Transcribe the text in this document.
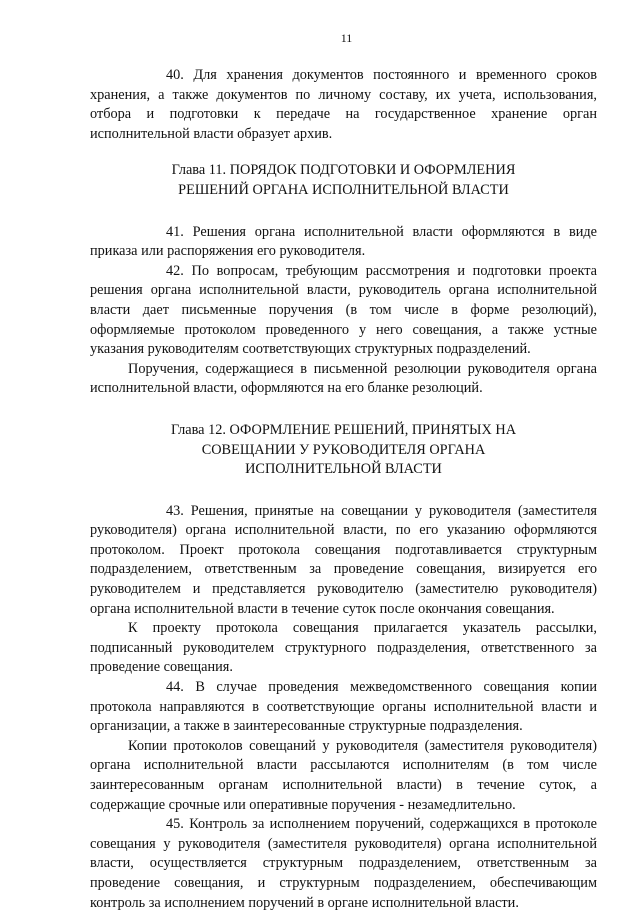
11

40. Для хранения документов постоянного и временного сроков хранения, а также документов по личному составу, их учета, использования, отбора и подготовки к передаче на государственное хранение орган исполнительной власти образует архив.

Глава 11. ПОРЯДОК ПОДГОТОВКИ И ОФОРМЛЕНИЯ
РЕШЕНИЙ ОРГАНА ИСПОЛНИТЕЛЬНОЙ ВЛАСТИ

41. Решения органа исполнительной власти оформляются в виде приказа или распоряжения его руководителя.

42. По вопросам, требующим рассмотрения и подготовки проекта решения органа исполнительной власти, руководитель органа исполнительной власти дает письменные поручения (в том числе в форме резолюций), оформляемые протоколом проведенного у него совещания, а также устные указания руководителям соответствующих структурных подразделений.

Поручения, содержащиеся в письменной резолюции руководителя органа исполнительной власти, оформляются на его бланке резолюций.

Глава 12. ОФОРМЛЕНИЕ РЕШЕНИЙ, ПРИНЯТЫХ НА
СОВЕЩАНИИ У РУКОВОДИТЕЛЯ ОРГАНА
ИСПОЛНИТЕЛЬНОЙ ВЛАСТИ

43. Решения, принятые на совещании у руководителя (заместителя руководителя) органа исполнительной власти, по его указанию оформляются протоколом. Проект протокола совещания подготавливается структурным подразделением, ответственным за проведение совещания, визируется его руководителем и представляется руководителю (заместителю руководителя) органа исполнительной власти в течение суток после окончания совещания.

К проекту протокола совещания прилагается указатель рассылки, подписанный руководителем структурного подразделения, ответственного за проведение совещания.

44. В случае проведения межведомственного совещания копии протокола направляются в соответствующие органы исполнительной власти и организации, а также в заинтересованные структурные подразделения.

Копии протоколов совещаний у руководителя (заместителя руководителя) органа исполнительной власти рассылаются исполнителям (в том числе заинтересованным органам исполнительной власти) в течение суток, а содержащие срочные или оперативные поручения - незамедлительно.

45. Контроль за исполнением поручений, содержащихся в протоколе совещания у руководителя (заместителя руководителя) органа исполнительной власти, осуществляется структурным подразделением, ответственным за проведение совещания, и структурным подразделением, обеспечивающим контроль за исполнением поручений в органе исполнительной власти.
